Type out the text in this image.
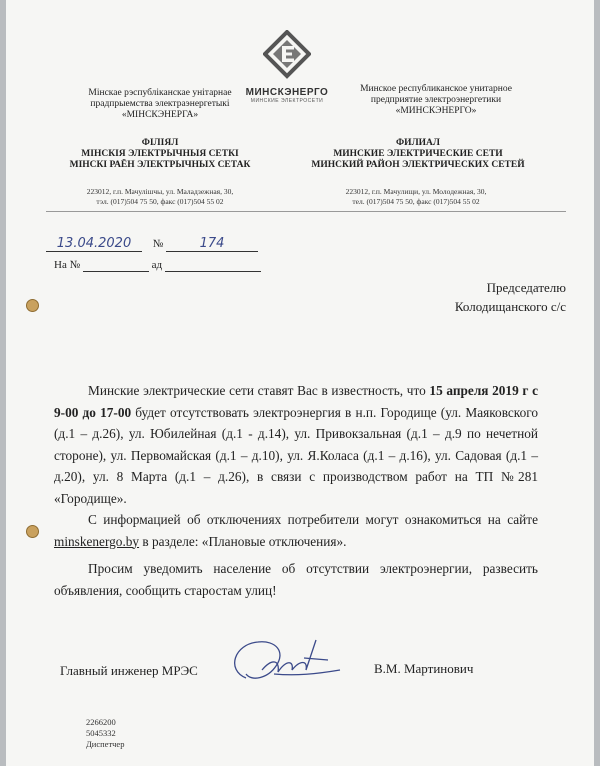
Мінскае рэспубліканскае унітарнае
прадпрыемства электраэнергетыкі
«МІНСКЭНЕРГА»
МИНСКЭНЕРГО
МИНСКИЕ ЭЛЕКТРОСЕТИ
Минское республиканское унитарное
предприятие электроэнергетики
«МИНСКЭНЕРГО»
ФІЛІЯЛ
МІНСКІЯ ЭЛЕКТРЫЧНЫЯ СЕТКІ
МІНСКІ РАЁН ЭЛЕКТРЫЧНЫХ СЕТАК
ФИЛИАЛ
МИНСКИЕ ЭЛЕКТРИЧЕСКИЕ СЕТИ
МИНСКИЙ РАЙОН ЭЛЕКТРИЧЕСКИХ СЕТЕЙ
223012, г.п. Мачулішчы, ул. Маладзежная, 30,
тэл. (017)504 75 50, факс (017)504 55 02
223012, г.п. Мачулищи, ул. Молодежная, 30,
тел. (017)504 75 50, факс (017)504 55 02
13.04.2020 №	174
На №	ад
Председателю
Колодищанского с/с

Минские электрические сети ставят Вас в известность, что 15 апреля 2019 г с 9-00 до 17-00 будет отсутствовать электроэнергия в н.п. Городище (ул. Маяковского (д.1 – д.26), ул. Юбилейная (д.1 - д.14), ул. Привокзальная (д.1 – д.9 по нечетной стороне), ул. Первомайская (д.1 – д.10), ул. Я.Коласа (д.1 – д.16), ул. Садовая (д.1 – д.20), ул. 8 Марта (д.1 – д.26), в связи с производством работ на ТП №281 «Городище».

С информацией об отключениях потребители могут ознакомиться на сайте minskenergo.by в разделе: «Плановые отключения».

Просим уведомить население об отсутствии электроэнергии, развесить объявления, сообщить старостам улиц!

Главный инженер МРЭС	В.М. Мартинович
2266200
5045332
Диспетчер
